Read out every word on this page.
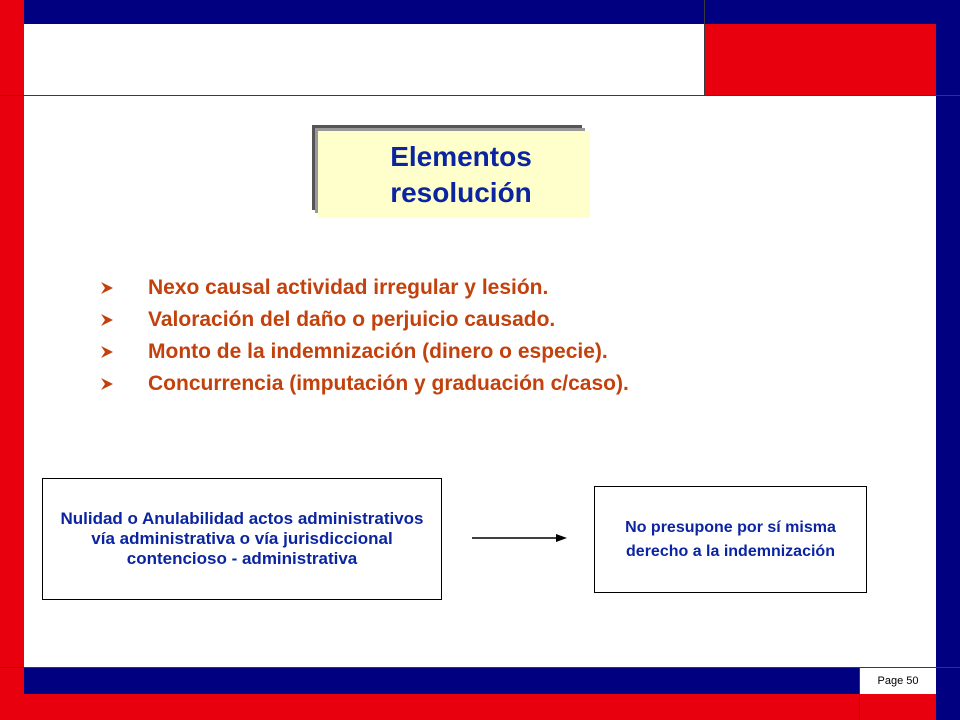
Page 50
Elementos resolución
Nexo causal actividad irregular y lesión.
Valoración del daño o perjuicio causado.
Monto de la indemnización (dinero o especie).
Concurrencia (imputación y graduación c/caso).
Nulidad o Anulabilidad actos administrativos vía administrativa o vía jurisdiccional contencioso - administrativa
No presupone por sí misma derecho a la indemnización
